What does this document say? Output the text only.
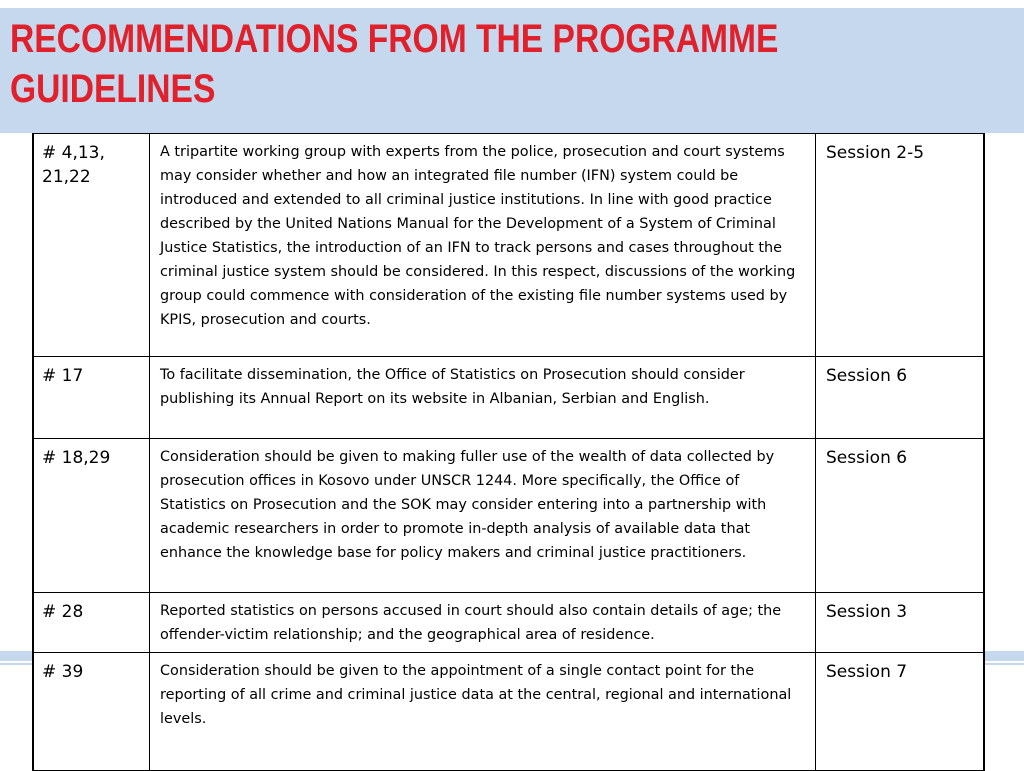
RECOMMENDATIONS FROM THE PROGRAMME
GUIDELINES
# 4,13, 21,22	A tripartite working group with experts from the police, prosecution and court systems may consider whether and how an integrated file number (IFN) system could be introduced and extended to all criminal justice institutions. In line with good practice described by the United Nations Manual for the Development of a System of Criminal Justice Statistics, the introduction of an IFN to track persons and cases throughout the criminal justice system should be considered. In this respect, discussions of the working group could commence with consideration of the existing file number systems used by KPIS, prosecution and courts.	Session 2-5
# 17	To facilitate dissemination, the Office of Statistics on Prosecution should consider publishing its Annual Report on its website in Albanian, Serbian and English.	Session 6
# 18,29	Consideration should be given to making fuller use of the wealth of data collected by prosecution offices in Kosovo under UNSCR 1244. More specifically, the Office of Statistics on Prosecution and the SOK may consider entering into a partnership with academic researchers in order to promote in-depth analysis of available data that enhance the knowledge base for policy makers and criminal justice practitioners.	Session 6
# 28	Reported statistics on persons accused in court should also contain details of age; the offender-victim relationship; and the geographical area of residence.	Session 3
# 39	Consideration should be given to the appointment of a single contact point for the reporting of all crime and criminal justice data at the central, regional and international levels.	Session 7
